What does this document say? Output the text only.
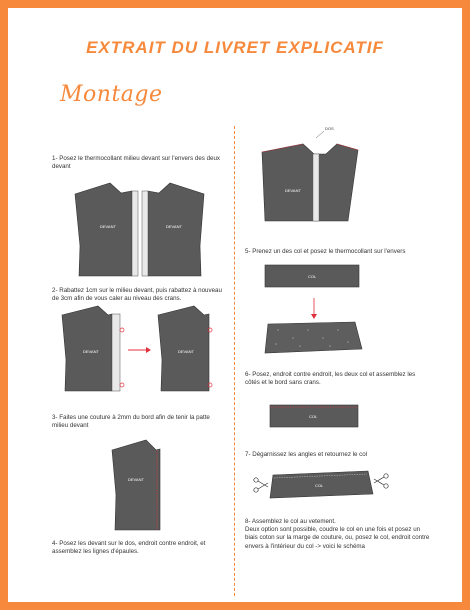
EXTRAIT DU LIVRET EXPLICATIF
Montage
1- Posez le thermocollant milieu devant sur l'envers des deux devant
2- Rabattez 1cm sur le milieu devant, puis rabattez à nouveau de 3cm afin de vous caler au niveau des crans.
3- Faites une couture à 2mm du bord afin de tenir la patte milieu devant
4- Posez les devant sur le dos, endroit contre endroit, et assemblez les lignes d'épaules.
5- Prenez un des col et posez le thermocollant sur l'envers
6- Posez, endroit contre endroit, les deux col et assemblez les côtés et le bord sans crans.
7- Dégarnissez les angles et retournez le col
8- Assemblez le col au vetement.
Deux option sont possible, coudre le col en une fois et posez un biais coton sur la marge de couture, ou, posez le col, endroit contre envers à l'intérieur du col -> voici le schéma
DEVANT	DEVANT
DEVANT	DEVANT
DEVANT
DEVANT
DOS
COL
COL
COL
